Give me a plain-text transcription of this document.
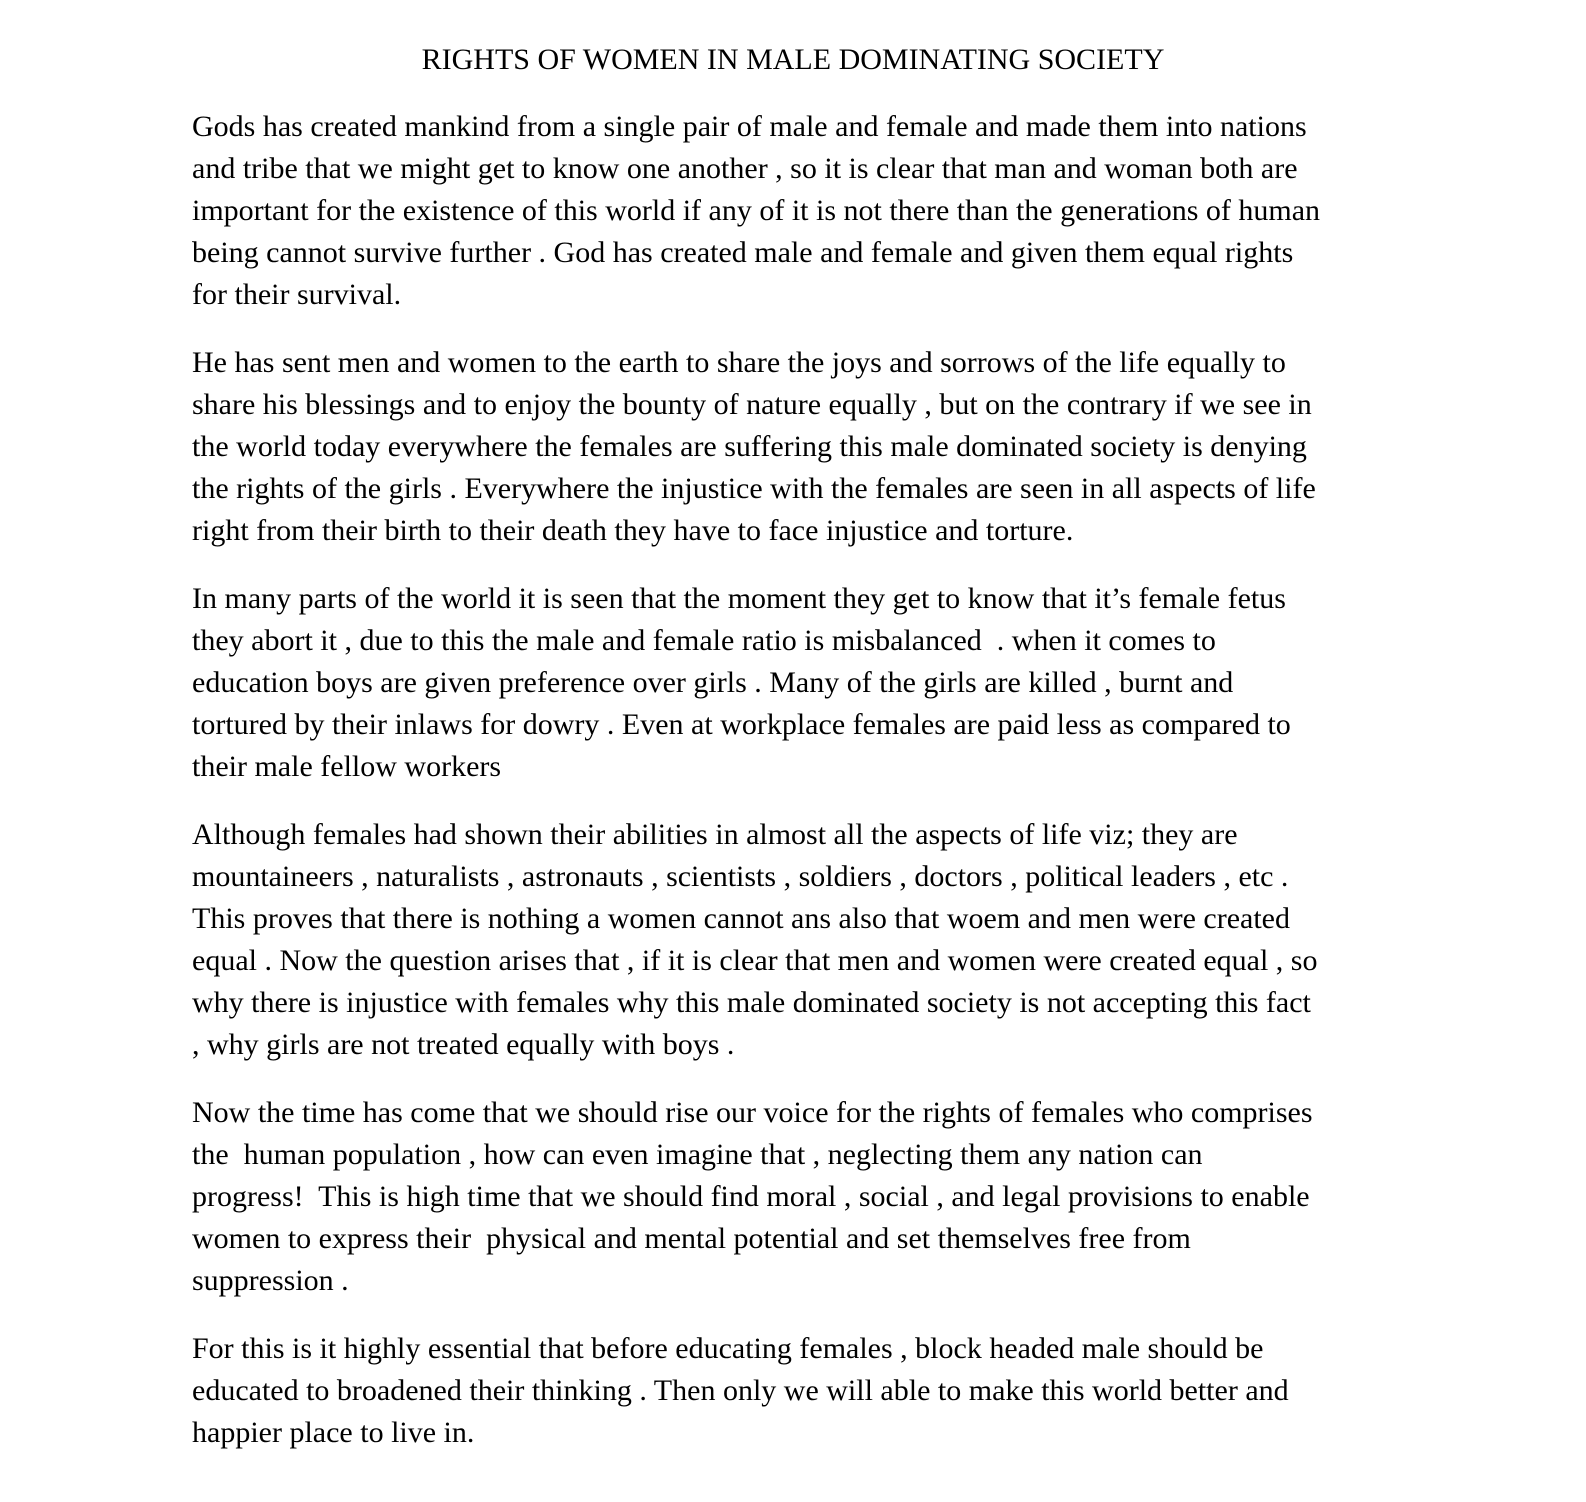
RIGHTS OF WOMEN IN MALE DOMINATING SOCIETY

Gods has created mankind from a single pair of male and female and made them into nations
and tribe that we might get to know one another , so it is clear that man and woman both are
important for the existence of this world if any of it is not there than the generations of human
being cannot survive further . God has created male and female and given them equal rights
for their survival.

He has sent men and women to the earth to share the joys and sorrows of the life equally to
share his blessings and to enjoy the bounty of nature equally , but on the contrary if we see in
the world today everywhere the females are suffering this male dominated society is denying
the rights of the girls . Everywhere the injustice with the females are seen in all aspects of life
right from their birth to their death they have to face injustice and torture.

In many parts of the world it is seen that the moment they get to know that it’s female fetus
they abort it , due to this the male and female ratio is misbalanced  . when it comes to
education boys are given preference over girls . Many of the girls are killed , burnt and
tortured by their inlaws for dowry . Even at workplace females are paid less as compared to
their male fellow workers

Although females had shown their abilities in almost all the aspects of life viz; they are
mountaineers , naturalists , astronauts , scientists , soldiers , doctors , political leaders , etc .
This proves that there is nothing a women cannot ans also that woem and men were created
equal . Now the question arises that , if it is clear that men and women were created equal , so
why there is injustice with females why this male dominated society is not accepting this fact
, why girls are not treated equally with boys .

Now the time has come that we should rise our voice for the rights of females who comprises
the  human population , how can even imagine that , neglecting them any nation can
progress!  This is high time that we should find moral , social , and legal provisions to enable
women to express their  physical and mental potential and set themselves free from
suppression .

For this is it highly essential that before educating females , block headed male should be
educated to broadened their thinking . Then only we will able to make this world better and
happier place to live in.
